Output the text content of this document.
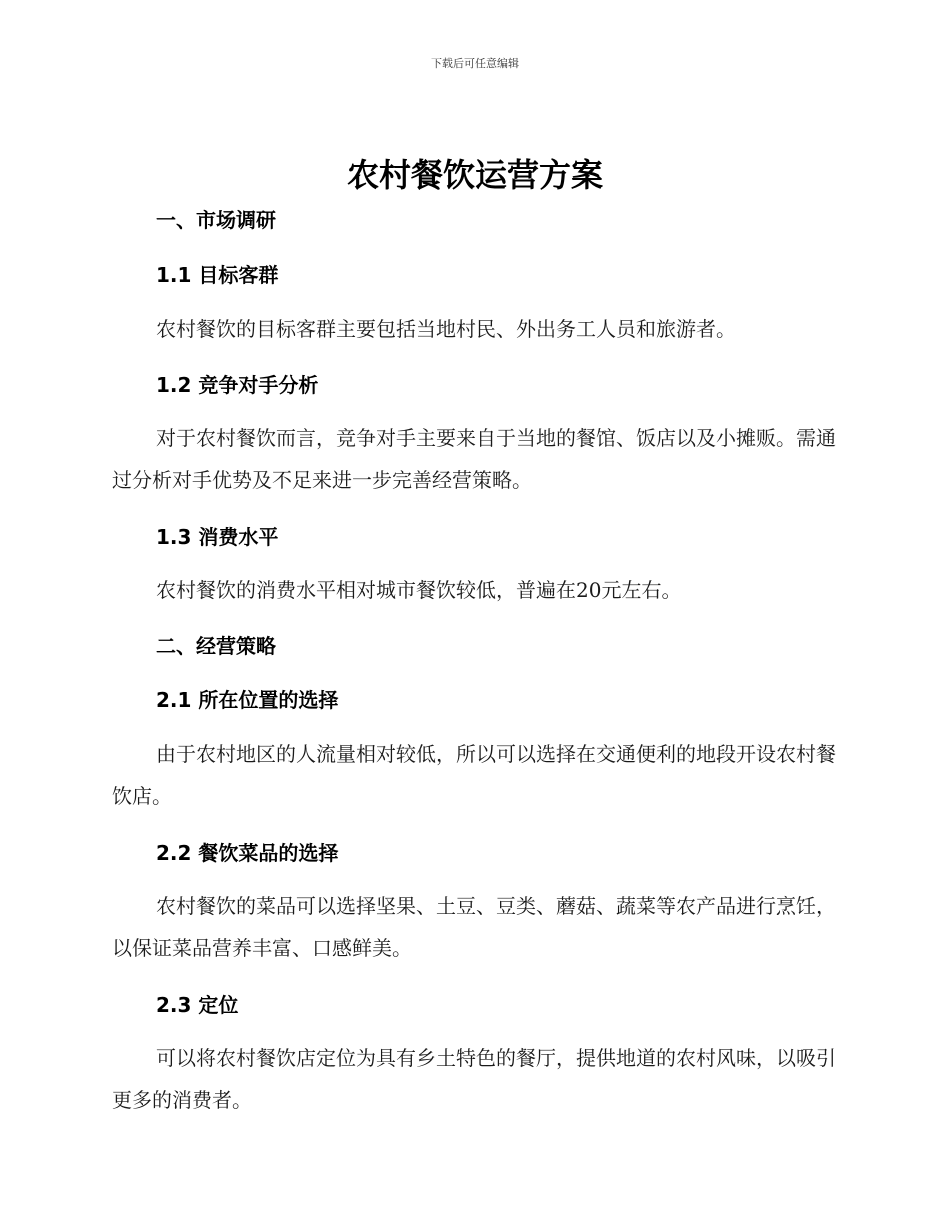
下载后可任意编辑
农村餐饮运营方案
一、市场调研
1.1 目标客群

农村餐饮的目标客群主要包括当地村民、外出务工人员和旅游者。

1.2 竞争对手分析

对于农村餐饮而言，竞争对手主要来自于当地的餐馆、饭店以及小摊贩。需通过分析对手优势及不足来进一步完善经营策略。

1.3 消费水平

农村餐饮的消费水平相对城市餐饮较低，普遍在20元左右。

二、经营策略
2.1 所在位置的选择

由于农村地区的人流量相对较低，所以可以选择在交通便利的地段开设农村餐饮店。

2.2 餐饮菜品的选择

农村餐饮的菜品可以选择坚果、土豆、豆类、蘑菇、蔬菜等农产品进行烹饪，以保证菜品营养丰富、口感鲜美。

2.3 定位

可以将农村餐饮店定位为具有乡土特色的餐厅，提供地道的农村风味，以吸引更多的消费者。
